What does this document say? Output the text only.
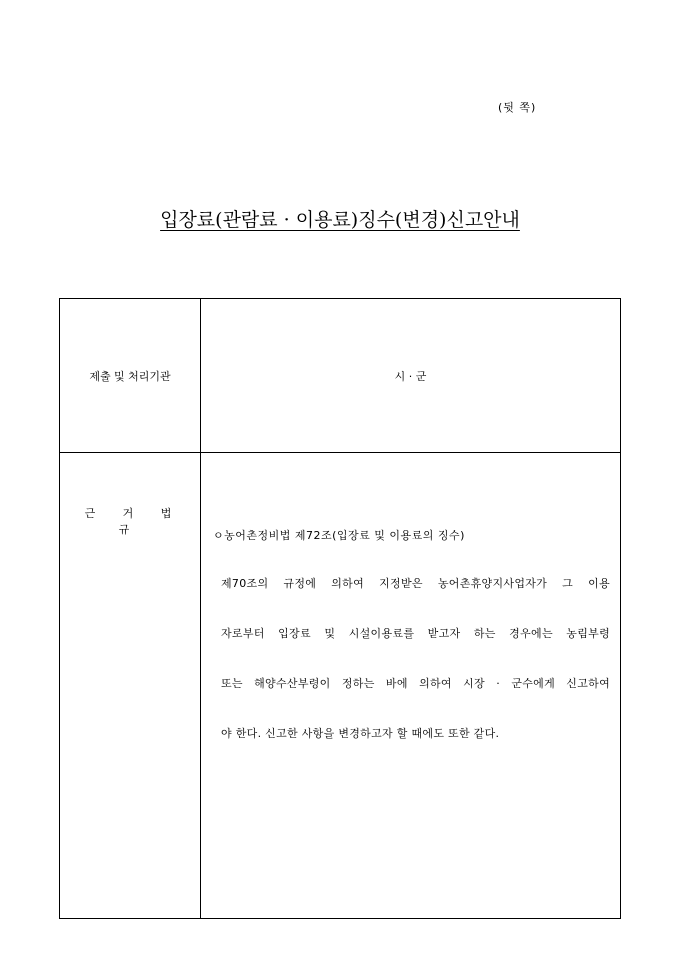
(뒷 쪽)
입장료(관람료 · 이용료)징수(변경)신고안내
제출 및 처리기관	시 · 군
근 거 법 규	ㅇ농어촌정비법 제72조(입장료 및 이용료의 징수)

제70조의 규정에 의하여 지정받은 농어촌휴양지사업자가 그 이용

자로부터 입장료 및 시설이용료를 받고자 하는 경우에는 농림부령

또는 해양수산부령이 정하는 바에 의하여 시장 · 군수에게 신고하여

야 한다. 신고한 사항을 변경하고자 할 때에도 또한 같다.
